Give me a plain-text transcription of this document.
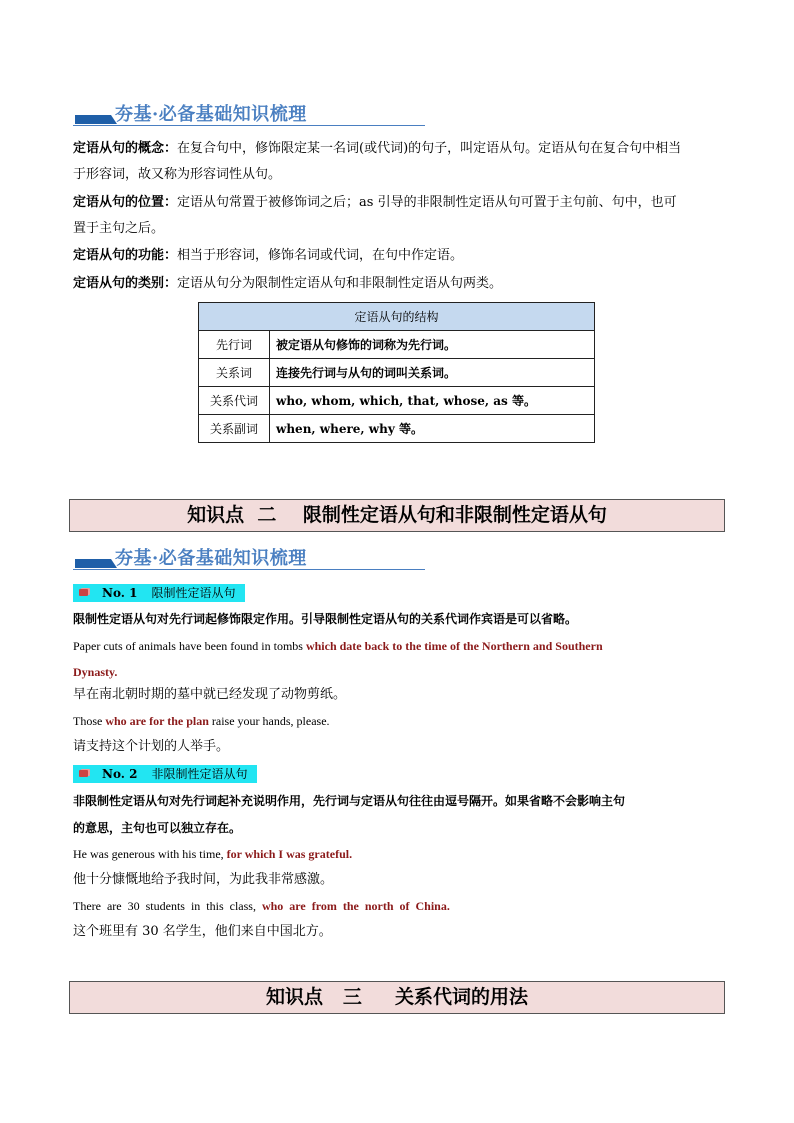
夯基·必备基础知识梳理
定语从句的概念：在复合句中，修饰限定某一名词(或代词)的句子，叫定语从句。定语从句在复合句中相当
于形容词，故又称为形容词性从句。
定语从句的位置：定语从句常置于被修饰词之后；as 引导的非限制性定语从句可置于主句前、句中，也可
置于主句之后。
定语从句的功能：相当于形容词，修饰名词或代词，在句中作定语。
定语从句的类别：定语从句分为限制性定语从句和非限制性定语从句两类。
定语从句的结构	
先行词	被定语从句修饰的词称为先行词。
关系词	连接先行词与从句的词叫关系词。
关系代词	who, whom, which, that, whose, as 等。
关系副词	when, where, why 等。
知识点  二    限制性定语从句和非限制性定语从句
夯基·必备基础知识梳理
No. 1 限制性定语从句
限制性定语从句对先行词起修饰限定作用。引导限制性定语从句的关系代词作宾语是可以省略。
Paper cuts of animals have been found in tombs which date back to the time of the Northern and Southern
Dynasty.
早在南北朝时期的墓中就已经发现了动物剪纸。
Those who are for the plan raise your hands, please.
请支持这个计划的人举手。
No. 2 非限制性定语从句
非限制性定语从句对先行词起补充说明作用，先行词与定语从句往往由逗号隔开。如果省略不会影响主句
的意思，主句也可以独立存在。
He was generous with his time, for which I was grateful.
他十分慷慨地给予我时间，为此我非常感激。
There are 30 students in this class, who are from the north of China.
这个班里有 30 名学生，他们来自中国北方。
知识点   三     关系代词的用法
